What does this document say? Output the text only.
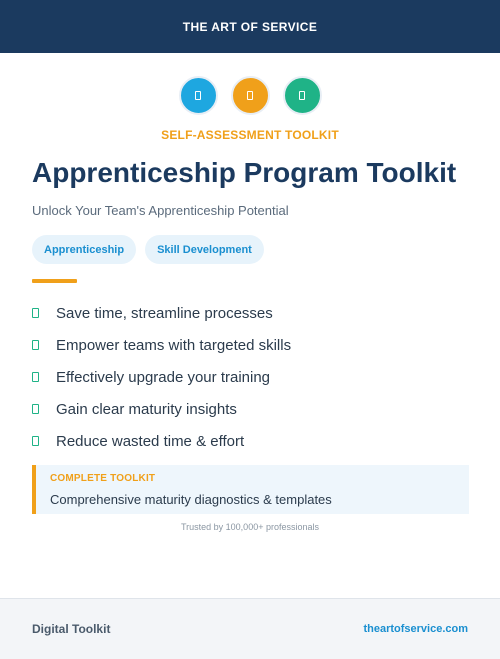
THE ART OF SERVICE
SELF-ASSESSMENT TOOLKIT
Apprenticeship Program Toolkit
Unlock Your Team's Apprenticeship Potential
Apprenticeship	Skill Development
Save time, streamline processes
Empower teams with targeted skills
Effectively upgrade your training
Gain clear maturity insights
Reduce wasted time & effort
COMPLETE TOOLKIT
Comprehensive maturity diagnostics & templates
Trusted by 100,000+ professionals
Digital Toolkit	theartofservice.com
